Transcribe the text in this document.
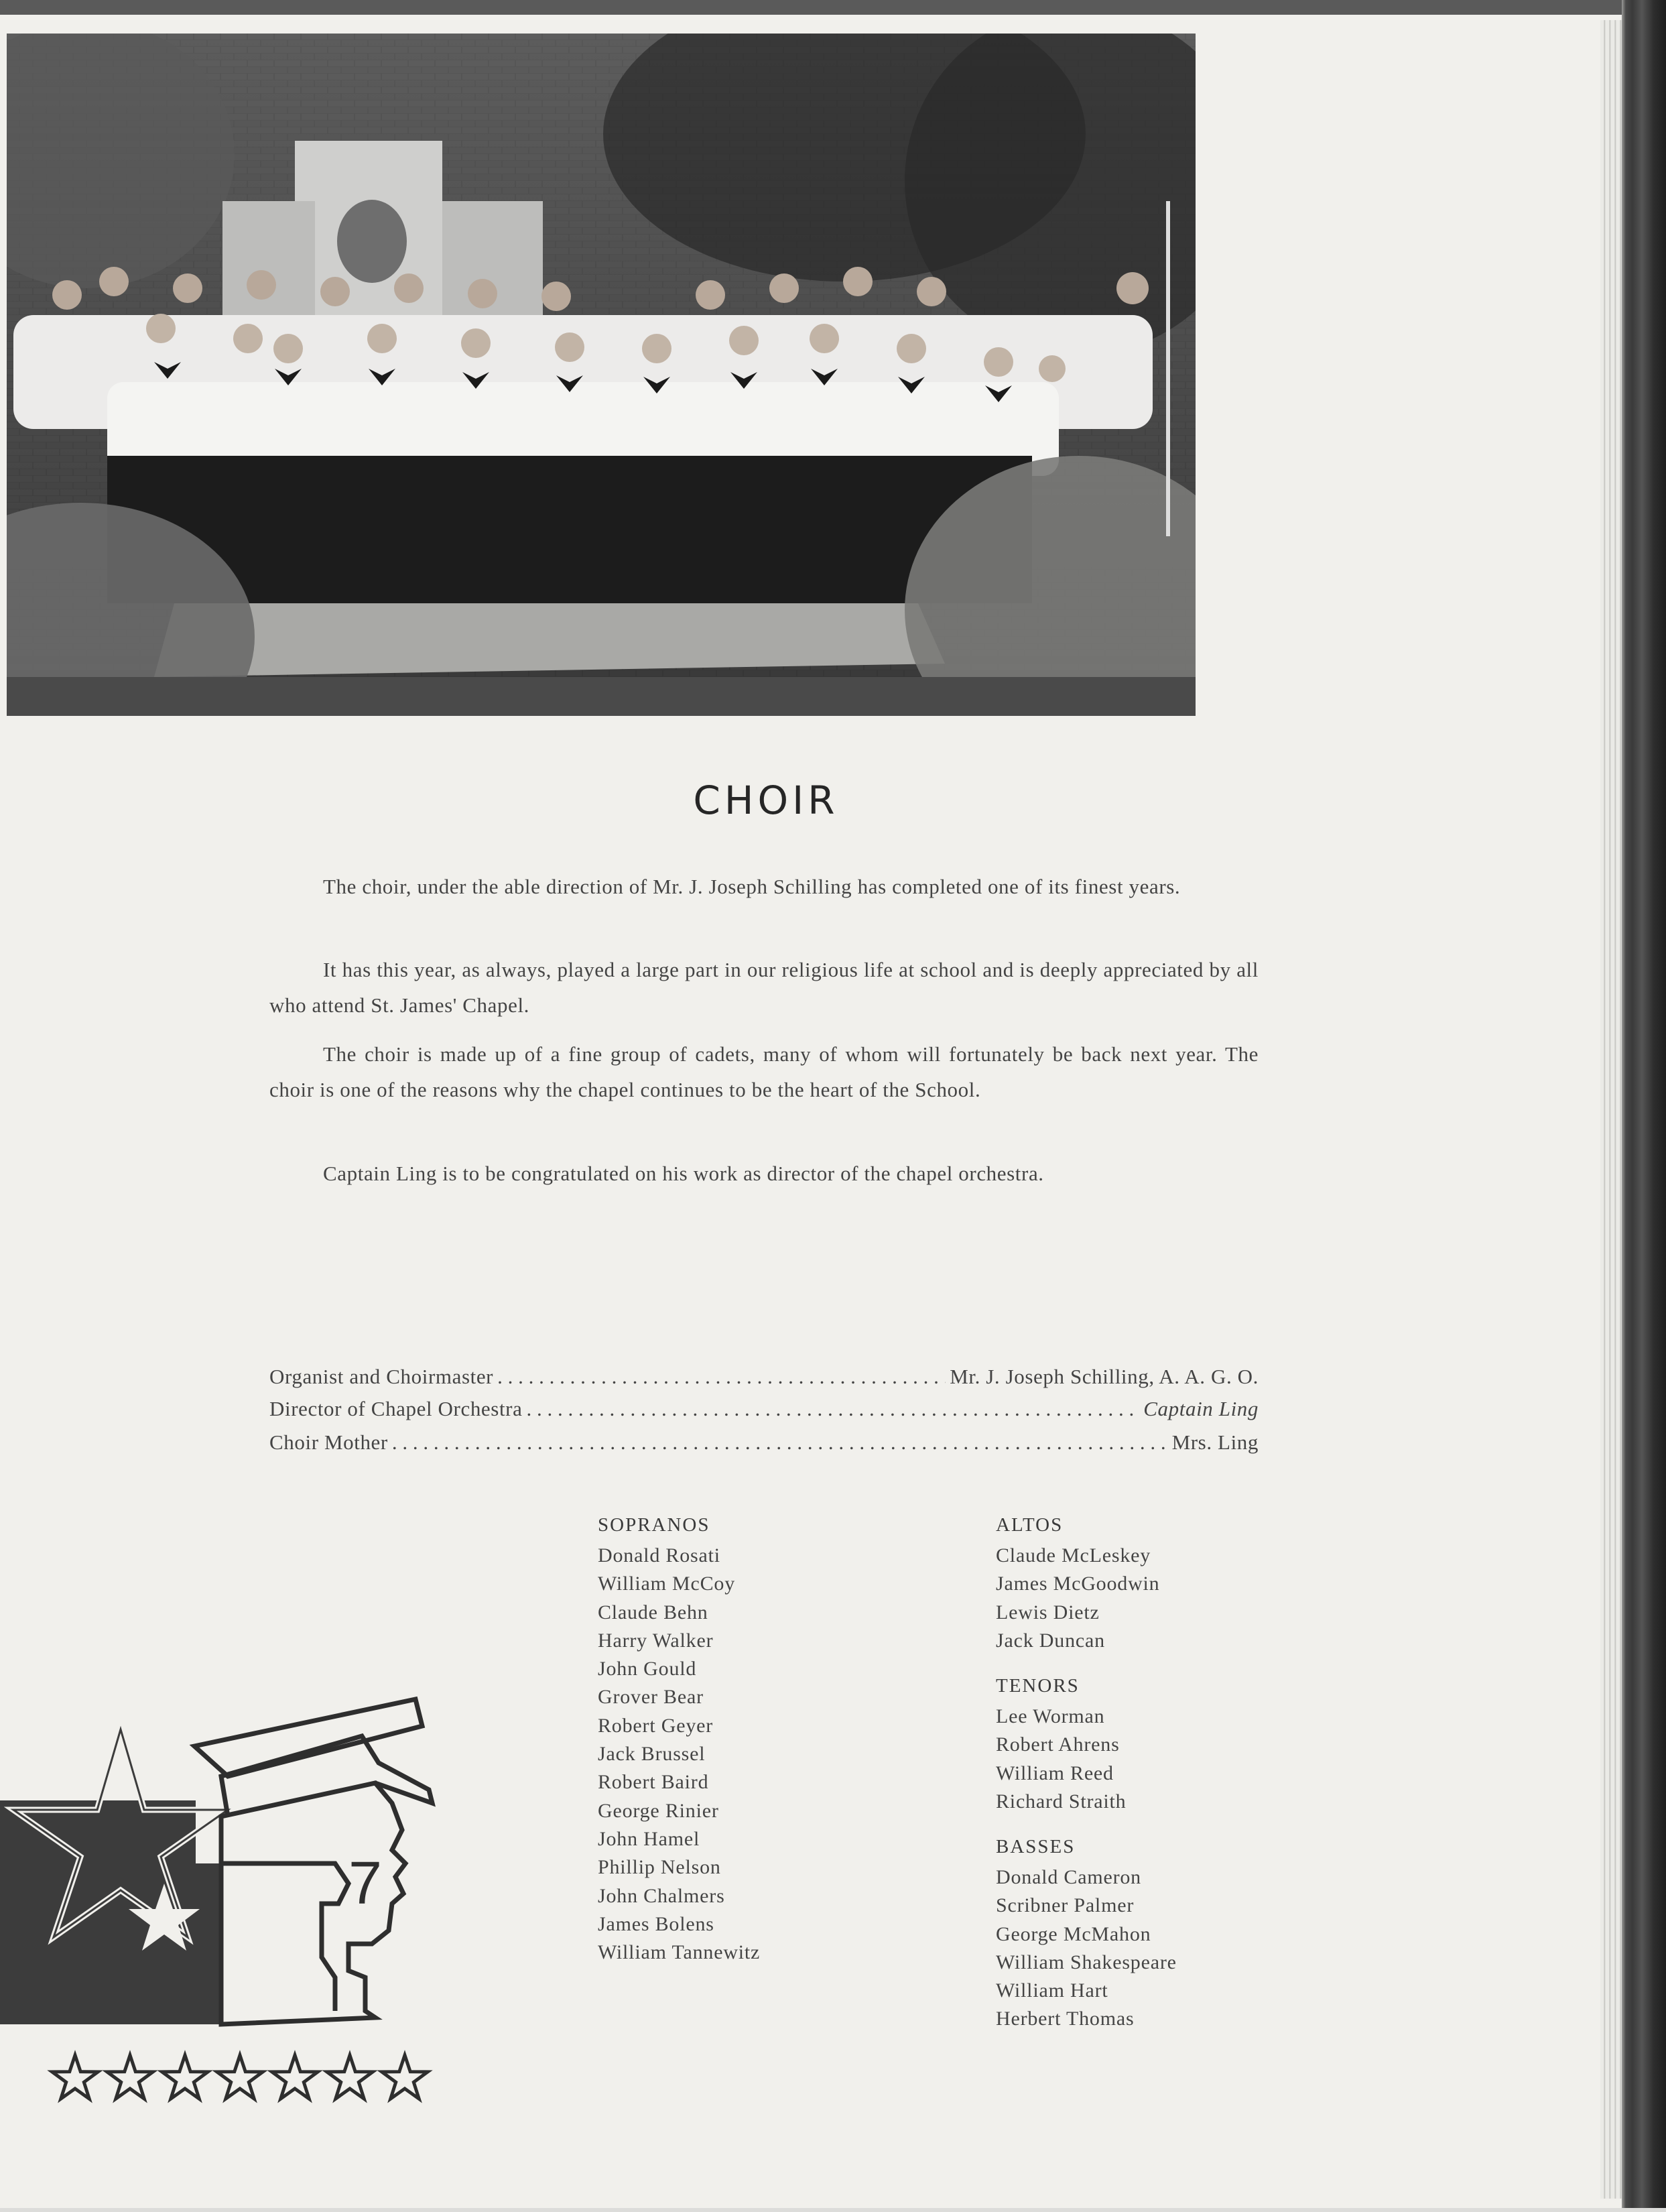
CHOIR

The choir, under the able direction of Mr. J. Joseph Schilling has completed one of its finest years.

It has this year, as always, played a large part in our religious life at school and is deeply appreciated by all who attend St. James' Chapel.

The choir is made up of a fine group of cadets, many of whom will fortunately be back next year. The choir is one of the reasons why the chapel continues to be the heart of the School.

Captain Ling is to be congratulated on his work as director of the chapel orchestra.

Organist and Choirmaster . . .	Mr. J. Joseph Schilling, A. A. G. O.
Director of Chapel Orchestra . . .	Captain Ling
Choir Mother . . .	Mrs. Ling
SOPRANOS
Donald Rosati
William McCoy
Claude Behn
Harry Walker
John Gould
Grover Bear
Robert Geyer
Jack Brussel
Robert Baird
George Rinier
John Hamel
Phillip Nelson
John Chalmers
James Bolens
William Tannewitz
ALTOS
Claude McLeskey
James McGoodwin
Lewis Dietz
Jack Duncan
TENORS
Lee Worman
Robert Ahrens
William Reed
Richard Straith
BASSES
Donald Cameron
Scribner Palmer
George McMahon
William Shakespeare
William Hart
Herbert Thomas
7
